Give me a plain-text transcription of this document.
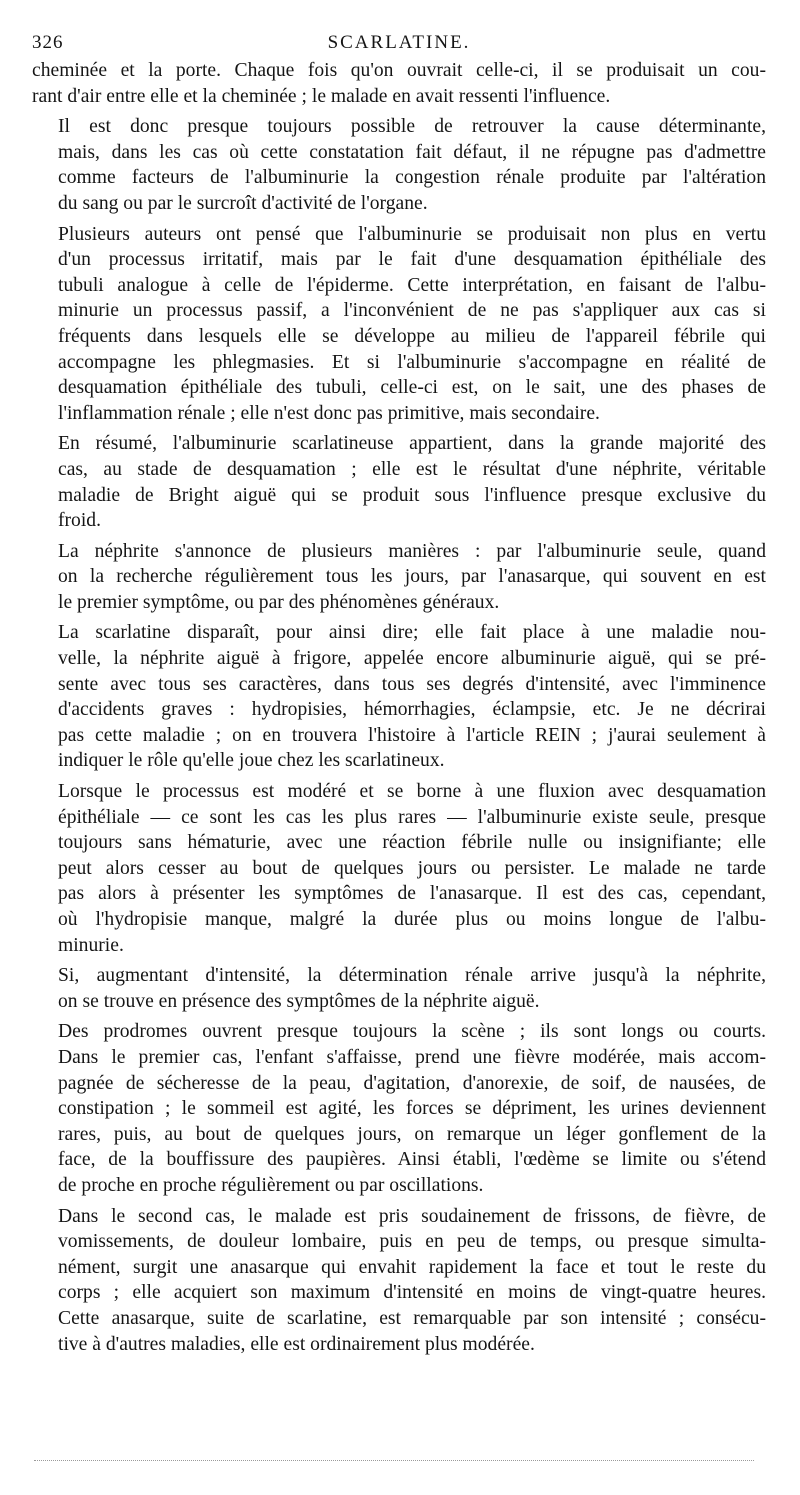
326	SCARLATINE.
cheminée et la porte. Chaque fois qu'on ouvrait celle-ci, il se produisait un cou-
rant d'air entre elle et la cheminée ; le malade en avait ressenti l'influence.
Il est donc presque toujours possible de retrouver la cause déterminante,
mais, dans les cas où cette constatation fait défaut, il ne répugne pas d'admettre
comme facteurs de l'albuminurie la congestion rénale produite par l'altération
du sang ou par le surcroît d'activité de l'organe.
Plusieurs auteurs ont pensé que l'albuminurie se produisait non plus en vertu
d'un processus irritatif, mais par le fait d'une desquamation épithéliale des
tubuli analogue à celle de l'épiderme. Cette interprétation, en faisant de l'albu-
minurie un processus passif, a l'inconvénient de ne pas s'appliquer aux cas si
fréquents dans lesquels elle se développe au milieu de l'appareil fébrile qui
accompagne les phlegmasies. Et si l'albuminurie s'accompagne en réalité de
desquamation épithéliale des tubuli, celle-ci est, on le sait, une des phases de
l'inflammation rénale ; elle n'est donc pas primitive, mais secondaire.
En résumé, l'albuminurie scarlatineuse appartient, dans la grande majorité des
cas, au stade de desquamation ; elle est le résultat d'une néphrite, véritable
maladie de Bright aiguë qui se produit sous l'influence presque exclusive du
froid.
La néphrite s'annonce de plusieurs manières : par l'albuminurie seule, quand
on la recherche régulièrement tous les jours, par l'anasarque, qui souvent en est
le premier symptôme, ou par des phénomènes généraux.
La scarlatine disparaît, pour ainsi dire; elle fait place à une maladie nou-
velle, la néphrite aiguë à frigore, appelée encore albuminurie aiguë, qui se pré-
sente avec tous ses caractères, dans tous ses degrés d'intensité, avec l'imminence
d'accidents graves : hydropisies, hémorrhagies, éclampsie, etc. Je ne décrirai
pas cette maladie ; on en trouvera l'histoire à l'article REIN ; j'aurai seulement à
indiquer le rôle qu'elle joue chez les scarlatineux.
Lorsque le processus est modéré et se borne à une fluxion avec desquamation
épithéliale — ce sont les cas les plus rares — l'albuminurie existe seule, presque
toujours sans hématurie, avec une réaction fébrile nulle ou insignifiante; elle
peut alors cesser au bout de quelques jours ou persister. Le malade ne tarde
pas alors à présenter les symptômes de l'anasarque. Il est des cas, cependant,
où l'hydropisie manque, malgré la durée plus ou moins longue de l'albu-
minurie.
Si, augmentant d'intensité, la détermination rénale arrive jusqu'à la néphrite,
on se trouve en présence des symptômes de la néphrite aiguë.
Des prodromes ouvrent presque toujours la scène ; ils sont longs ou courts.
Dans le premier cas, l'enfant s'affaisse, prend une fièvre modérée, mais accom-
pagnée de sécheresse de la peau, d'agitation, d'anorexie, de soif, de nausées, de
constipation ; le sommeil est agité, les forces se dépriment, les urines deviennent
rares, puis, au bout de quelques jours, on remarque un léger gonflement de la
face, de la bouffissure des paupières. Ainsi établi, l'œdème se limite ou s'étend
de proche en proche régulièrement ou par oscillations.
Dans le second cas, le malade est pris soudainement de frissons, de fièvre, de
vomissements, de douleur lombaire, puis en peu de temps, ou presque simulta-
nément, surgit une anasarque qui envahit rapidement la face et tout le reste du
corps ; elle acquiert son maximum d'intensité en moins de vingt-quatre heures.
Cette anasarque, suite de scarlatine, est remarquable par son intensité ; consécu-
tive à d'autres maladies, elle est ordinairement plus modérée.
